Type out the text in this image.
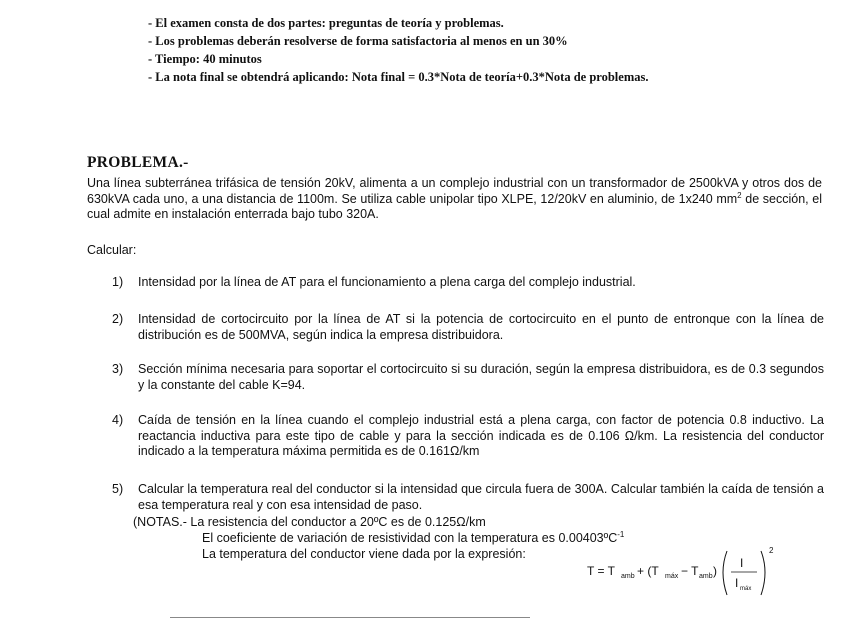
- El examen consta de dos partes: preguntas de teoría y problemas.
- Los problemas deberán resolverse de forma satisfactoria al menos en un 30%
- Tiempo: 40 minutos
- La nota final se obtendrá aplicando: Nota final = 0.3*Nota de teoría+0.3*Nota de problemas.
PROBLEMA.-
Una línea subterránea trifásica de tensión 20kV, alimenta a un complejo industrial con un transformador de 2500kVA y otros dos de 630kVA cada uno, a una distancia de 1100m. Se utiliza cable unipolar tipo XLPE, 12/20kV en aluminio, de 1x240 $mm^2$ de sección, el cual admite en instalación enterrada bajo tubo 320A.
Calcular:
1) Intensidad por la línea de AT para el funcionamiento a plena carga del complejo industrial.
2) Intensidad de cortocircuito por la línea de AT si la potencia de cortocircuito en el punto de entronque con la línea de distribución es de 500MVA, según indica la empresa distribuidora.
3) Sección mínima necesaria para soportar el cortocircuito si su duración, según la empresa distribuidora, es de 0.3 segundos y la constante del cable K=94.
4) Caída de tensión en la línea cuando el complejo industrial está a plena carga, con factor de potencia 0.8 inductivo. La reactancia inductiva para este tipo de cable y para la sección indicada es de 0.106 Ω/km. La resistencia del conductor indicado a la temperatura máxima permitida es de 0.161Ω/km
5) Calcular la temperatura real del conductor si la intensidad que circula fuera de 300A. Calcular también la caída de tensión a esa temperatura real y con esa intensidad de paso.
(NOTAS.- La resistencia del conductor a 20ºC es de 0.125Ω/km
El coeficiente de variación de resistividad con la temperatura es 0.00403ºC$^{-1}$
La temperatura del conductor viene dada por la expresión:
T = T amb + (T máx − T amb )
I
I máx
2
